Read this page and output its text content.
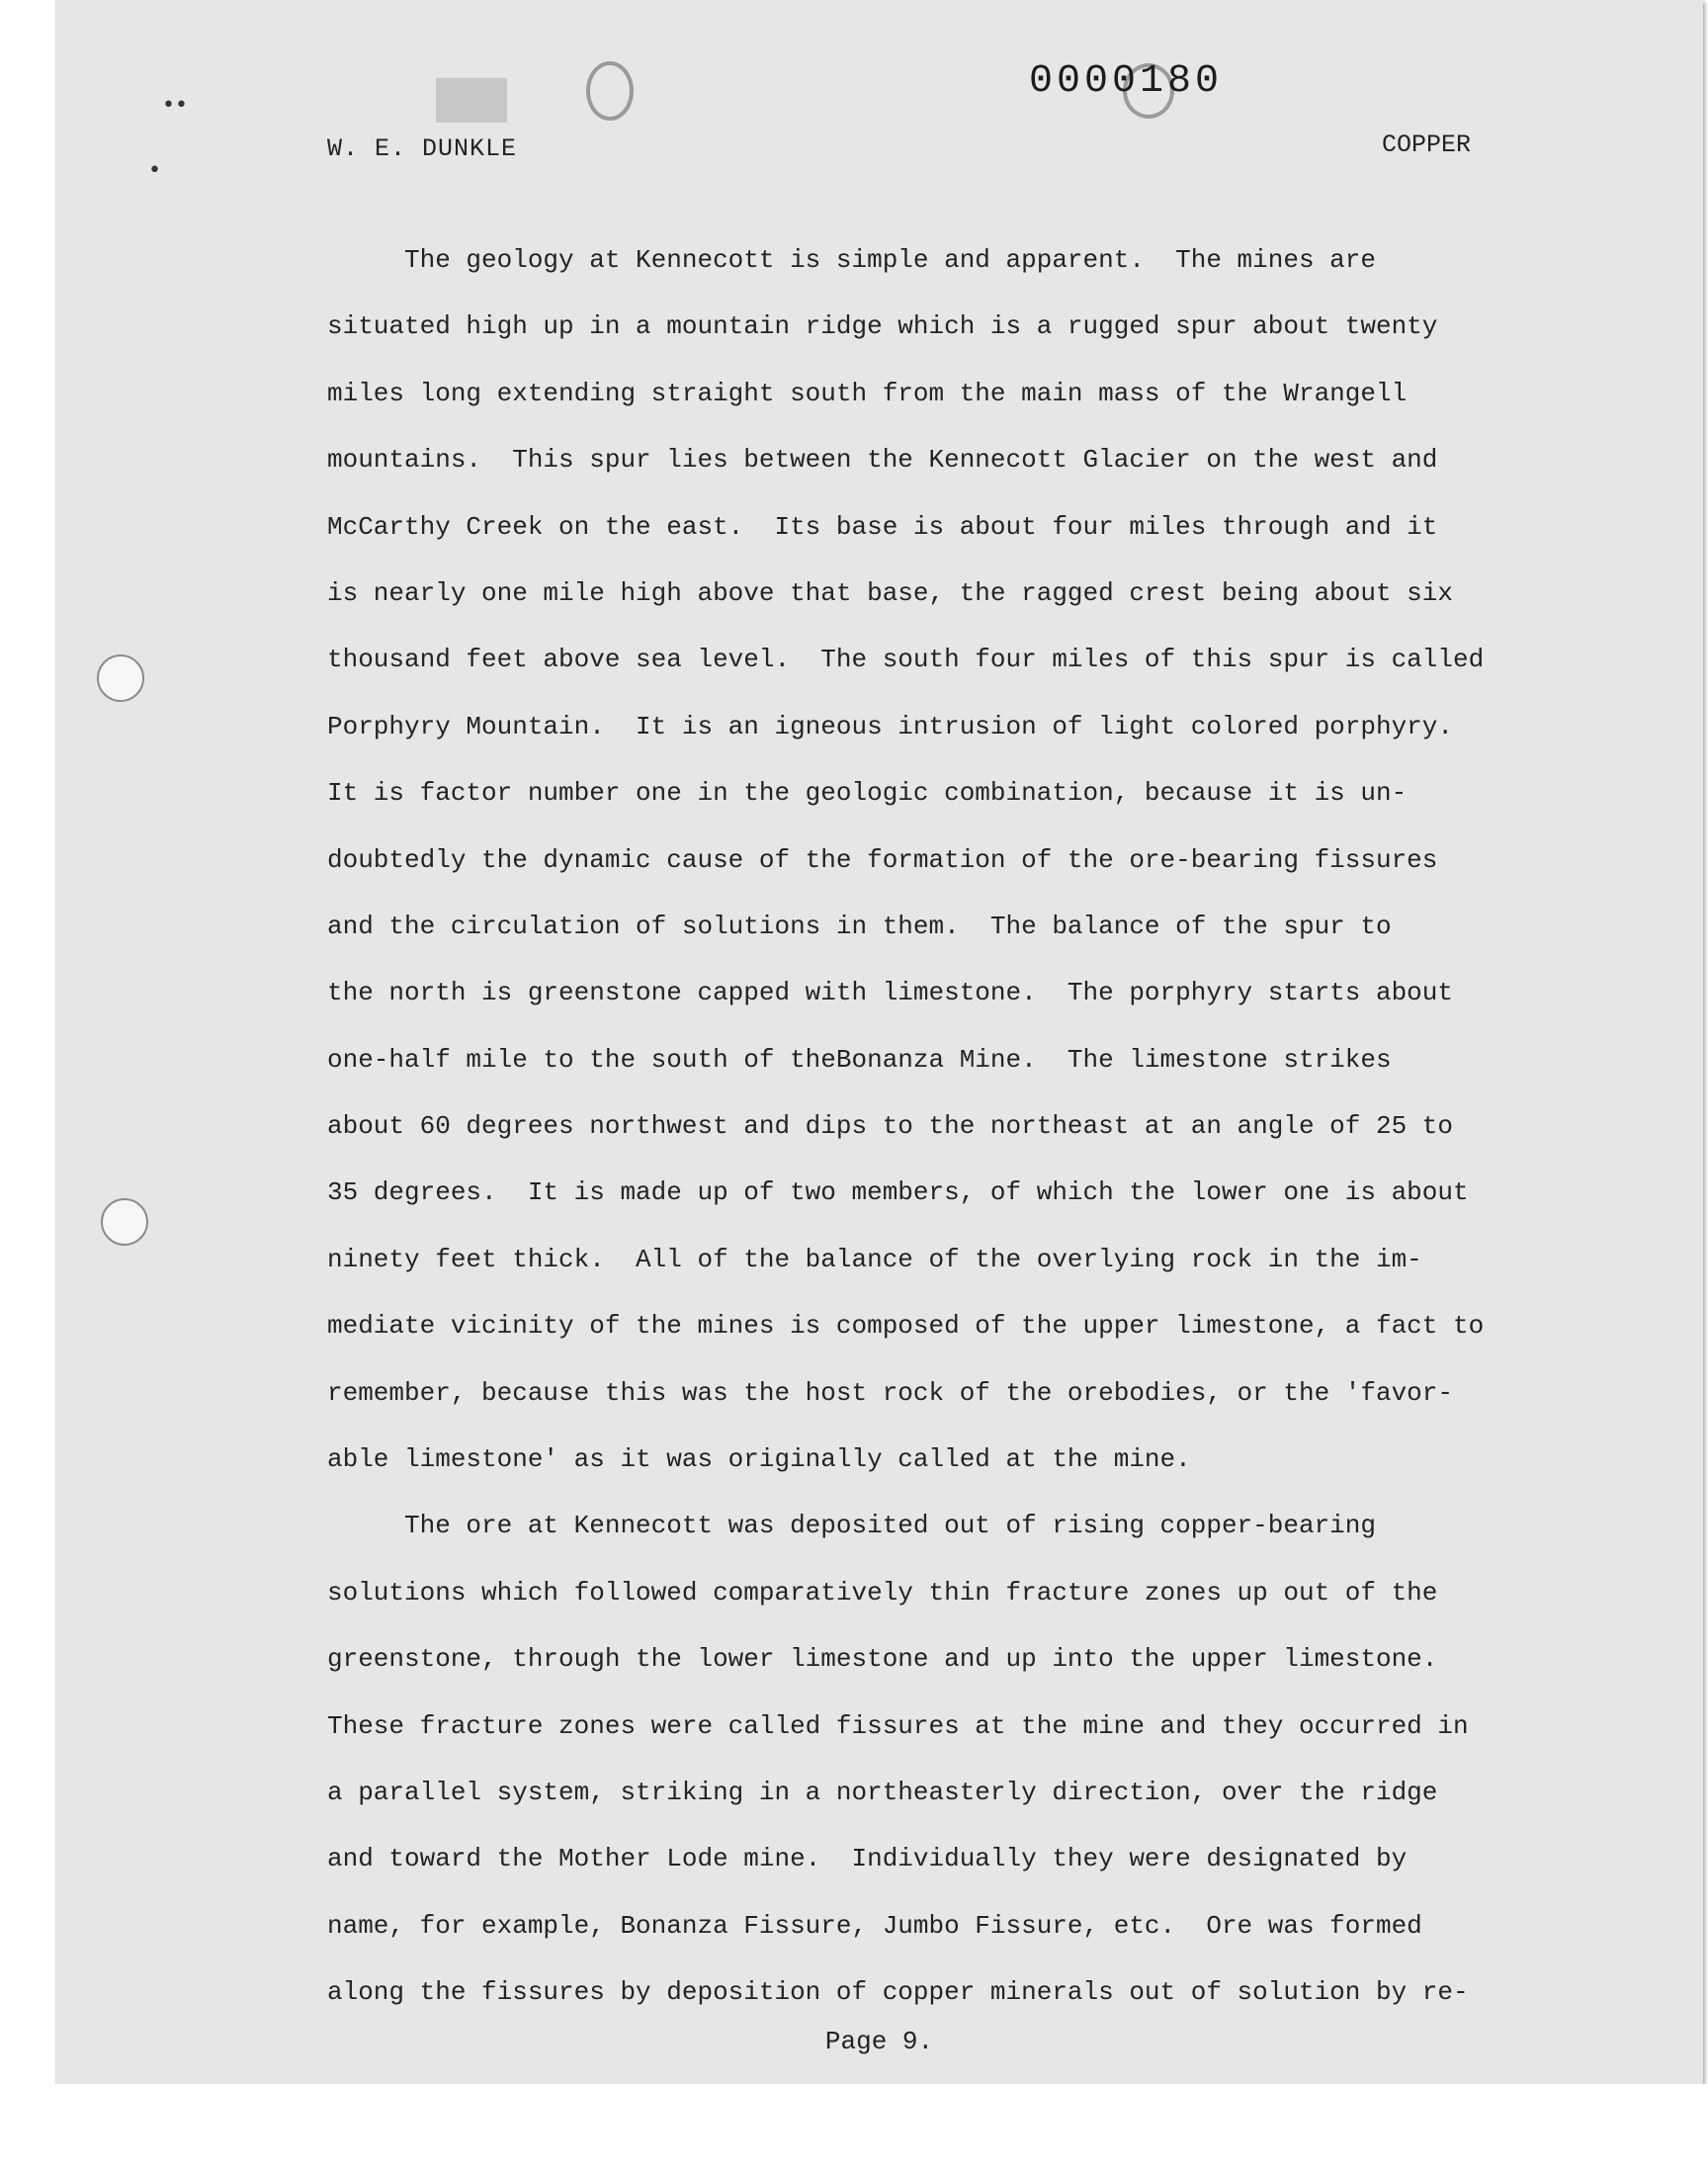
███
••
•
0000180
W. E. DUNKLE	COPPER
The geology at Kennecott is simple and apparent.  The mines are
situated high up in a mountain ridge which is a rugged spur about twenty
miles long extending straight south from the main mass of the Wrangell
mountains.  This spur lies between the Kennecott Glacier on the west and
McCarthy Creek on the east.  Its base is about four miles through and it
is nearly one mile high above that base, the ragged crest being about six
thousand feet above sea level.  The south four miles of this spur is called
Porphyry Mountain.  It is an igneous intrusion of light colored porphyry.
It is factor number one in the geologic combination, because it is un-
doubtedly the dynamic cause of the formation of the ore-bearing fissures
and the circulation of solutions in them.  The balance of the spur to
the north is greenstone capped with limestone.  The porphyry starts about
one-half mile to the south of theBonanza Mine.  The limestone strikes
about 60 degrees northwest and dips to the northeast at an angle of 25 to
35 degrees.  It is made up of two members, of which the lower one is about
ninety feet thick.  All of the balance of the overlying rock in the im-
mediate vicinity of the mines is composed of the upper limestone, a fact to
remember, because this was the host rock of the orebodies, or the 'favor-
able limestone' as it was originally called at the mine.
The ore at Kennecott was deposited out of rising copper-bearing
solutions which followed comparatively thin fracture zones up out of the
greenstone, through the lower limestone and up into the upper limestone.
These fracture zones were called fissures at the mine and they occurred in
a parallel system, striking in a northeasterly direction, over the ridge
and toward the Mother Lode mine.  Individually they were designated by
name, for example, Bonanza Fissure, Jumbo Fissure, etc.  Ore was formed
along the fissures by deposition of copper minerals out of solution by re-
Page 9.
